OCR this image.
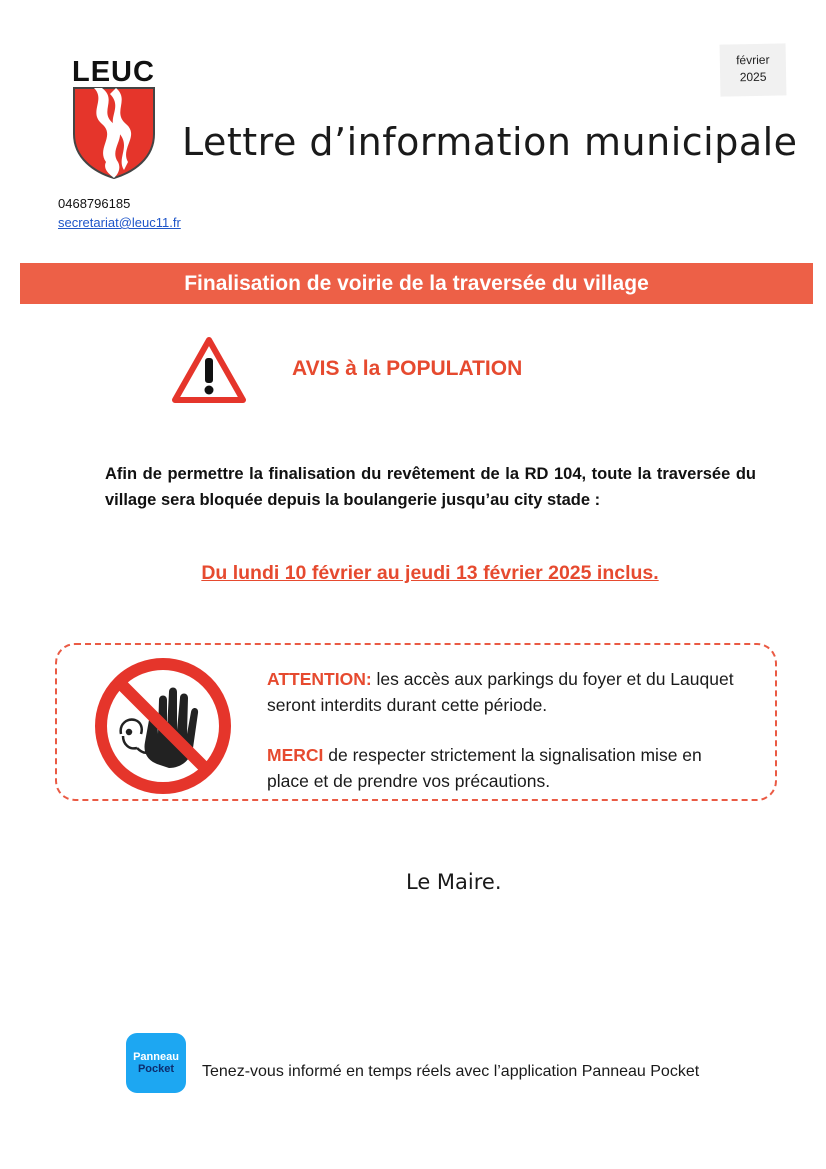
LEUC	février
2025
Lettre d’information municipale
0468796185
secretariat@leuc11.fr
Finalisation de voirie de la traversée du village
AVIS à la POPULATION
Afin de permettre la finalisation du revêtement de la RD 104, toute la traversée du village sera bloquée depuis la boulangerie jusqu’au city stade :
Du lundi 10 février au jeudi 13 février 2025 inclus.
ATTENTION: les accès aux parkings du foyer et du Lauquet seront interdits durant cette période.
MERCI de respecter strictement la signalisation mise en place et de prendre vos précautions.
Le Maire.
Panneau
Pocket	Tenez-vous informé en temps réels avec l’application Panneau Pocket
